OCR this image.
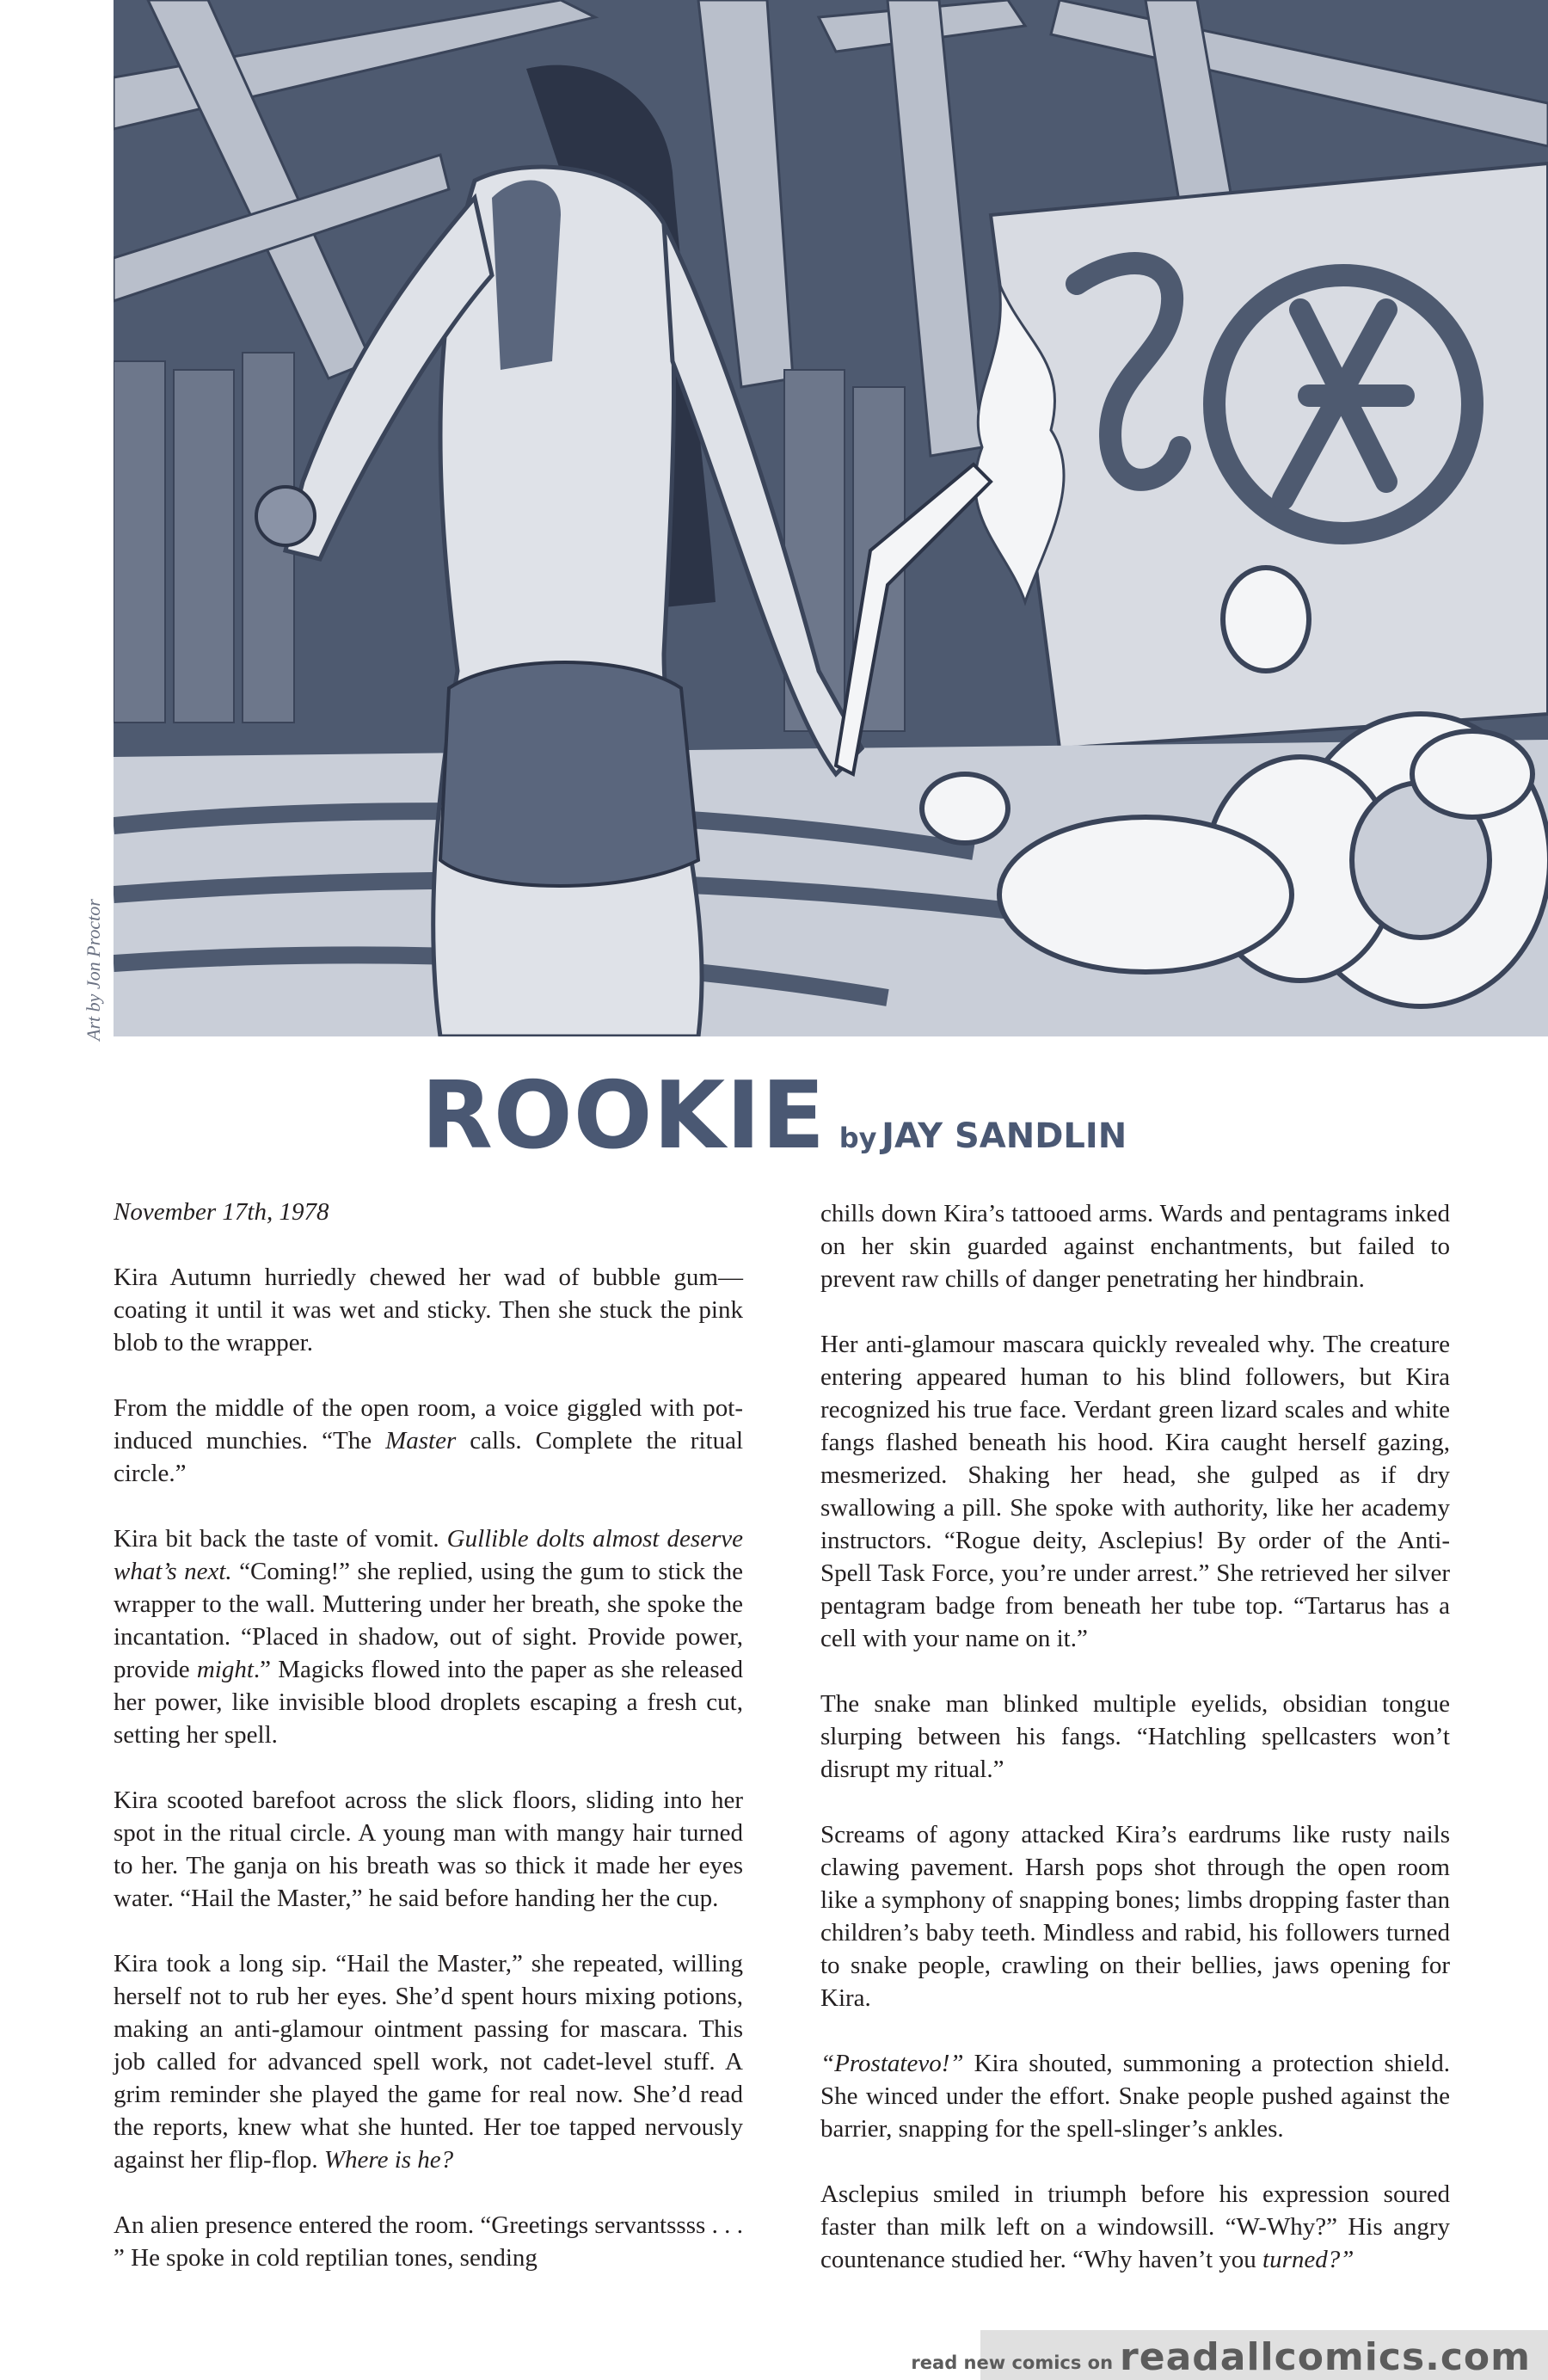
Art by Jon Proctor
ROOKIE by JAY SANDLIN

November 17th, 1978

Kira Autumn hurriedly chewed her wad of bubble gum—coating it until it was wet and sticky. Then she stuck the pink blob to the wrapper.

From the middle of the open room, a voice giggled with pot-induced munchies. “The Master calls. Complete the ritual circle.”

Kira bit back the taste of vomit. Gullible dolts almost deserve what’s next. “Coming!” she replied, using the gum to stick the wrapper to the wall. Muttering under her breath, she spoke the incantation. “Placed in shadow, out of sight. Provide power, provide might.” Magicks flowed into the paper as she released her power, like invisible blood droplets escaping a fresh cut, setting her spell.

Kira scooted barefoot across the slick floors, sliding into her spot in the ritual circle. A young man with mangy hair turned to her. The ganja on his breath was so thick it made her eyes water. “Hail the Master,” he said before handing her the cup.

Kira took a long sip. “Hail the Master,” she repeated, willing herself not to rub her eyes. She’d spent hours mixing potions, making an anti-glamour ointment passing for mascara. This job called for advanced spell work, not cadet-level stuff. A grim reminder she played the game for real now. She’d read the reports, knew what she hunted. Her toe tapped nervously against her flip-flop. Where is he?

An alien presence entered the room. “Greetings servantssss . . . ” He spoke in cold reptilian tones, sending

chills down Kira’s tattooed arms. Wards and pentagrams inked on her skin guarded against enchantments, but failed to prevent raw chills of danger penetrating her hindbrain.

Her anti-glamour mascara quickly revealed why. The creature entering appeared human to his blind followers, but Kira recognized his true face. Verdant green lizard scales and white fangs flashed beneath his hood. Kira caught herself gazing, mesmerized. Shaking her head, she gulped as if dry swallowing a pill. She spoke with authority, like her academy instructors. “Rogue deity, Asclepius! By order of the Anti-Spell Task Force, you’re under arrest.” She retrieved her silver pentagram badge from beneath her tube top. “Tartarus has a cell with your name on it.”

The snake man blinked multiple eyelids, obsidian tongue slurping between his fangs. “Hatchling spellcasters won’t disrupt my ritual.”

Screams of agony attacked Kira’s eardrums like rusty nails clawing pavement. Harsh pops shot through the open room like a symphony of snapping bones; limbs dropping faster than children’s baby teeth. Mindless and rabid, his followers turned to snake people, crawling on their bellies, jaws opening for Kira.

“Prostatevo!” Kira shouted, summoning a protection shield. She winced under the effort. Snake people pushed against the barrier, snapping for the spell-slinger’s ankles.

Asclepius smiled in triumph before his expression soured faster than milk left on a windowsill. “W-Why?” His angry countenance studied her. “Why haven’t you turned?”

read new comics on readallcomics.com
